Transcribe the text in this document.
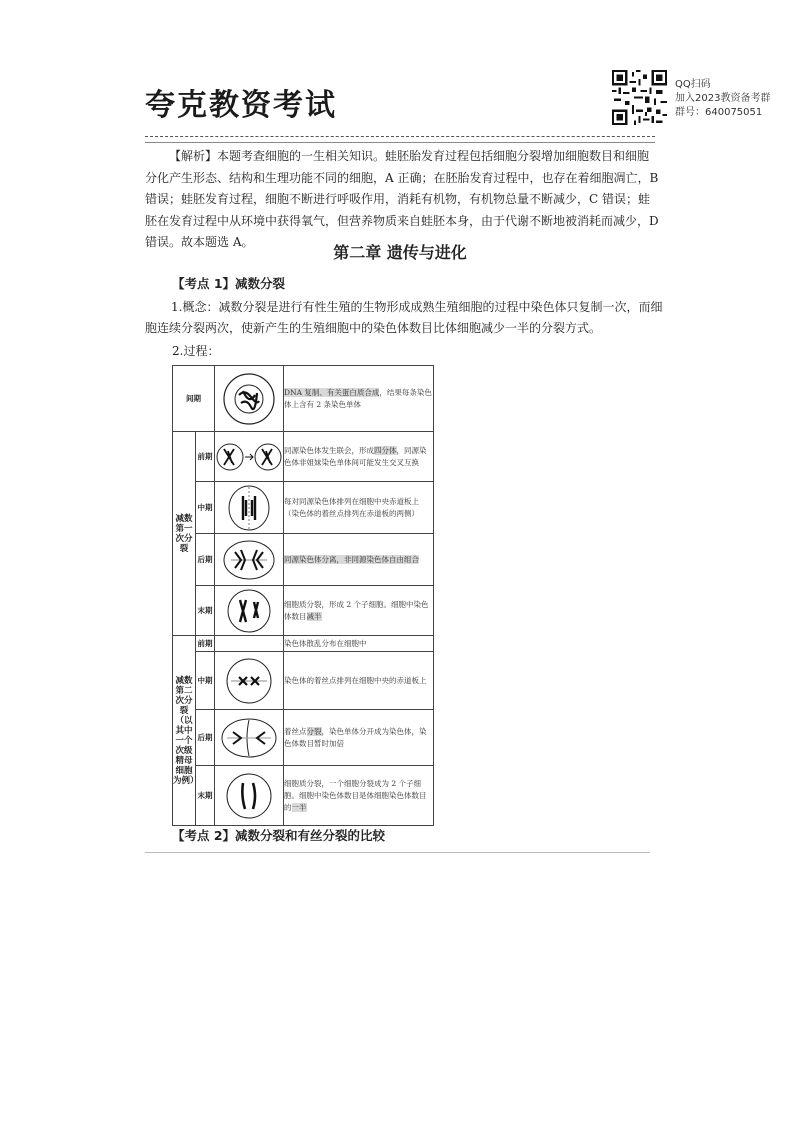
夸克教资考试
QQ扫码
加入2023教资备考群
群号：640075051
【解析】本题考查细胞的一生相关知识。蛙胚胎发育过程包括细胞分裂增加细胞数目和细胞分化产生形态、结构和生理功能不同的细胞，A 正确；在胚胎发育过程中，也存在着细胞凋亡，B 错误；蛙胚发育过程，细胞不断进行呼吸作用，消耗有机物，有机物总量不断减少，C 错误；蛙胚在发育过程中从环境中获得氧气，但营养物质来自蛙胚本身，由于代谢不断地被消耗而减少，D 错误。故本题选 A。
第二章 遗传与进化
【考点 1】减数分裂
1.概念：减数分裂是进行有性生殖的生物形成成熟生殖细胞的过程中染色体只复制一次，而细胞连续分裂两次，使新产生的生殖细胞中的染色体数目比体细胞减少一半的分裂方式。
2.过程：
间期			DNA 复制、有关蛋白质合成，结果每条染色体上含有 2 条染色单体
减数第一次分裂	前期		同源染色体发生联会，形成四分体，同源染色体非姐妹染色单体间可能发生交叉互换
	中期		每对同源染色体排列在细胞中央赤道板上（染色体的着丝点排列在赤道板的两侧）
	后期		同源染色体分离，非同源染色体自由组合
	末期		细胞质分裂，形成 2 个子细胞。细胞中染色体数目减半
减数第二次分裂（以其中一个次级精母细胞为例）	前期		染色体散乱分布在细胞中
	中期		染色体的着丝点排列在细胞中央的赤道板上
	后期		着丝点分裂，染色单体分开成为染色体，染色体数目暂时加倍
	末期		细胞质分裂，一个细胞分裂成为 2 个子细胞。细胞中染色体数目是体细胞染色体数目的一半
【考点 2】减数分裂和有丝分裂的比较
